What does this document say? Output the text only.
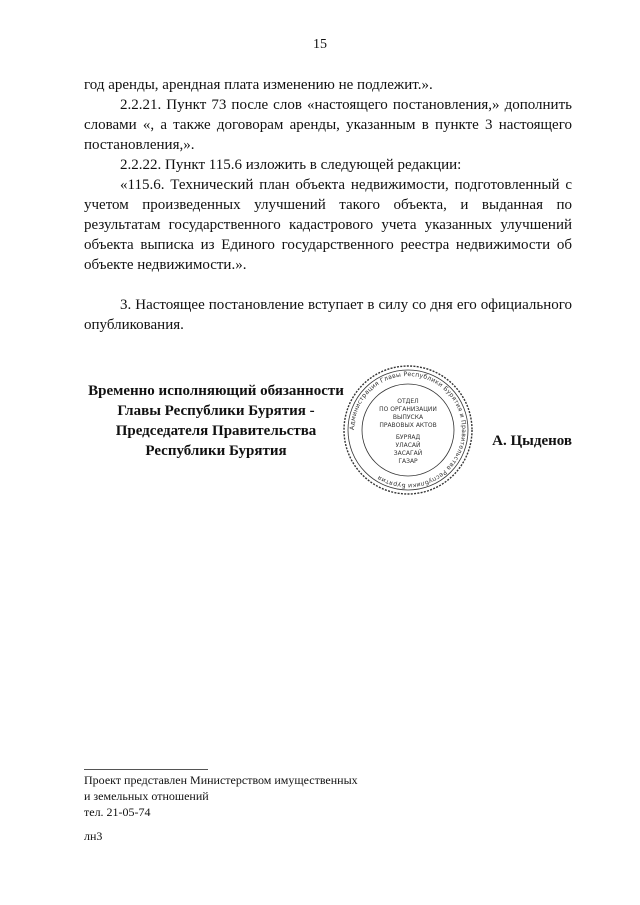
15

год аренды, арендная плата изменению не подлежит.».

2.2.21. Пункт 73 после слов «настоящего постановления,» дополнить словами «, а также договорам аренды, указанным в пункте 3 настоящего постановления,».

2.2.22. Пункт 115.6 изложить в следующей редакции:

«115.6. Технический план объекта недвижимости, подготовленный с учетом произведенных улучшений такого объекта, и выданная по результатам государственного кадастрового учета указанных улучшений объекта выписка из Единого государственного реестра недвижимости об объекте недвижимости.».

3. Настоящее постановление вступает в силу со дня его официального опубликования.

Временно исполняющий обязанности
Главы Республики Бурятия -
Председателя Правительства
Республики Бурятия
Администрация Главы Республики Бурятия и Правительства Республики Бурятия
ОТДЕЛ
ПО ОРГАНИЗАЦИИ
ВЫПУСКА
ПРАВОВЫХ АКТОВ
БУРЯАД
УЛАСАЙ
ЗАСАГАЙ
ГАЗАР
А. Цыденов
Проект представлен Министерством имущественных
и земельных отношений
тел. 21-05-74
лн3
